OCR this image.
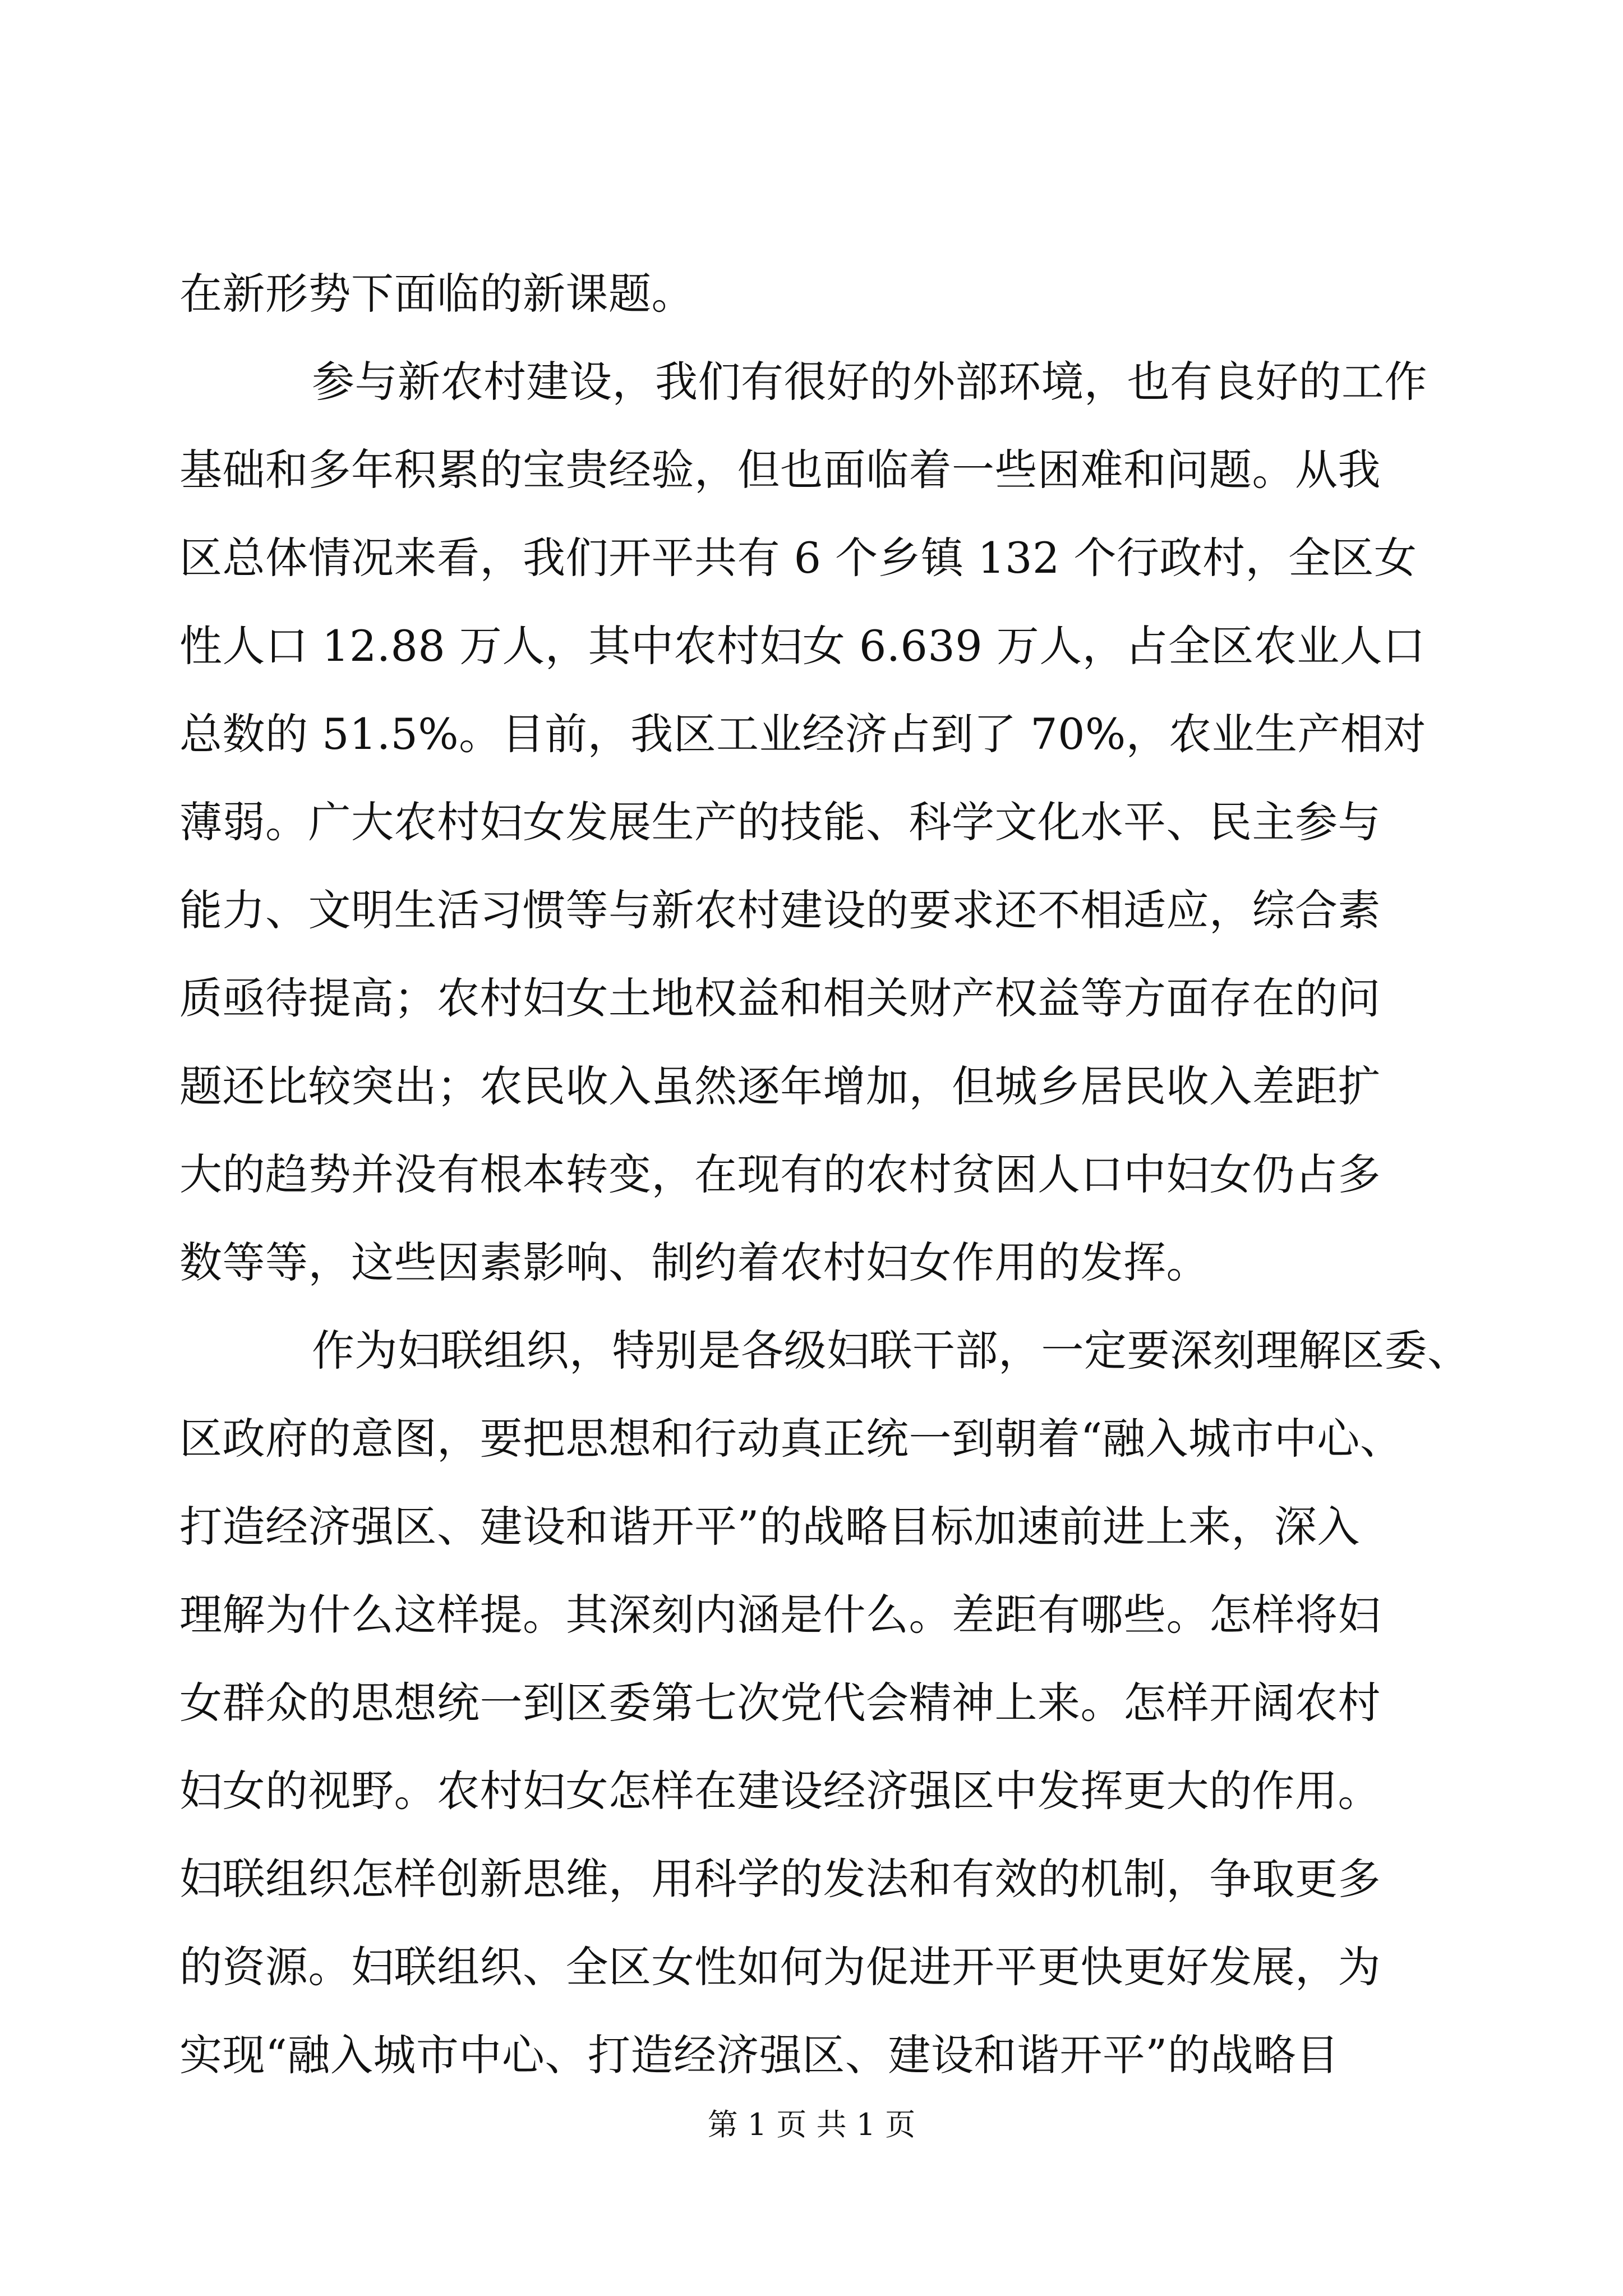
在新形势下面临的新课题。
参与新农村建设，我们有很好的外部环境，也有良好的工作
基础和多年积累的宝贵经验，但也面临着一些困难和问题。从我
区总体情况来看，我们开平共有 6 个乡镇 132 个行政村，全区女
性人口 12.88 万人，其中农村妇女 6.639 万人，占全区农业人口
总数的 51.5%。目前，我区工业经济占到了 70%，农业生产相对
薄弱。广大农村妇女发展生产的技能、科学文化水平、民主参与
能力、文明生活习惯等与新农村建设的要求还不相适应，综合素
质亟待提高；农村妇女土地权益和相关财产权益等方面存在的问
题还比较突出；农民收入虽然逐年增加，但城乡居民收入差距扩
大的趋势并没有根本转变，在现有的农村贫困人口中妇女仍占多
数等等，这些因素影响、制约着农村妇女作用的发挥。
作为妇联组织，特别是各级妇联干部，一定要深刻理解区委、
区政府的意图，要把思想和行动真正统一到朝着“融入城市中心、
打造经济强区、建设和谐开平”的战略目标加速前进上来，深入
理解为什么这样提。其深刻内涵是什么。差距有哪些。怎样将妇
女群众的思想统一到区委第七次党代会精神上来。怎样开阔农村
妇女的视野。农村妇女怎样在建设经济强区中发挥更大的作用。
妇联组织怎样创新思维，用科学的发法和有效的机制，争取更多
的资源。妇联组织、全区女性如何为促进开平更快更好发展，为
实现“融入城市中心、打造经济强区、建设和谐开平”的战略目
第 1 页 共 1 页
